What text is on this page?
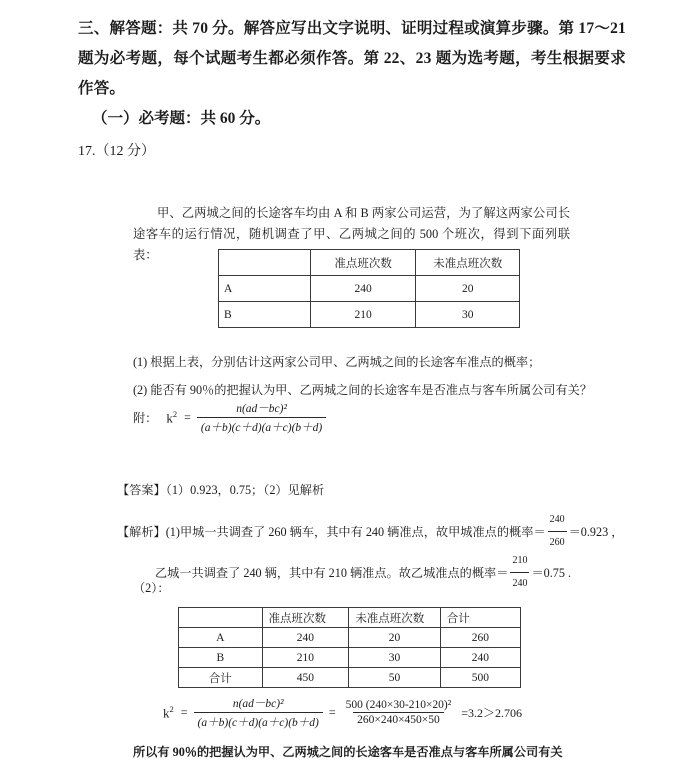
三、解答题：共 70 分。解答应写出文字说明、证明过程或演算步骤。第 17～21 题为必考题，每个试题考生都必须作答。第 22、23 题为选考题，考生根据要求作答。
（一）必考题：共 60 分。
17.（12 分）
甲、乙两城之间的长途客车均由 A 和 B 两家公司运营，为了解这两家公司长途客车的运行情况，随机调查了甲、乙两城之间的 500 个班次，得到下面列联表：
	准点班次数	未准点班次数
A	240	20
B	210	30
(1) 根据上表，分别估计这两家公司甲、乙两城之间的长途客车准点的概率；
(2) 能否有 90％的把握认为甲、乙两城之间的长途客车是否准点与客车所属公司有关？
附： $k^2 = \frac{\text{n(ad－bc)²}}{(a+b)(c+d)(a+c)(b+d)}$
【答案】（1）0.923，0.75；（2）见解析
【解析】 (1)甲城一共调查了 260 辆车，其中有 240 辆准点，故甲城准点的概率＝ $\frac{240}{260} =0.923$ ，
乙城一共调查了 240 辆，其中有 210 辆准点。故乙城准点的概率＝ $\frac{210}{240} =0.75$ .
（2）：
	准点班次数	未准点班次数	合计
A	240	20	260
B	210	30	240
合计	450	50	500
$k^2 = \frac{\text{n(ad－bc)²}}{(a+b)(c+d)(a+c)(b+d)} = \frac{\text{500 (240×30-210×20)²}}{260\times 240\times 450\times 50} =3.2>2.706$
所以有 90％的把握认为甲、乙两城之间的长途客车是否准点与客车所属公司有关
